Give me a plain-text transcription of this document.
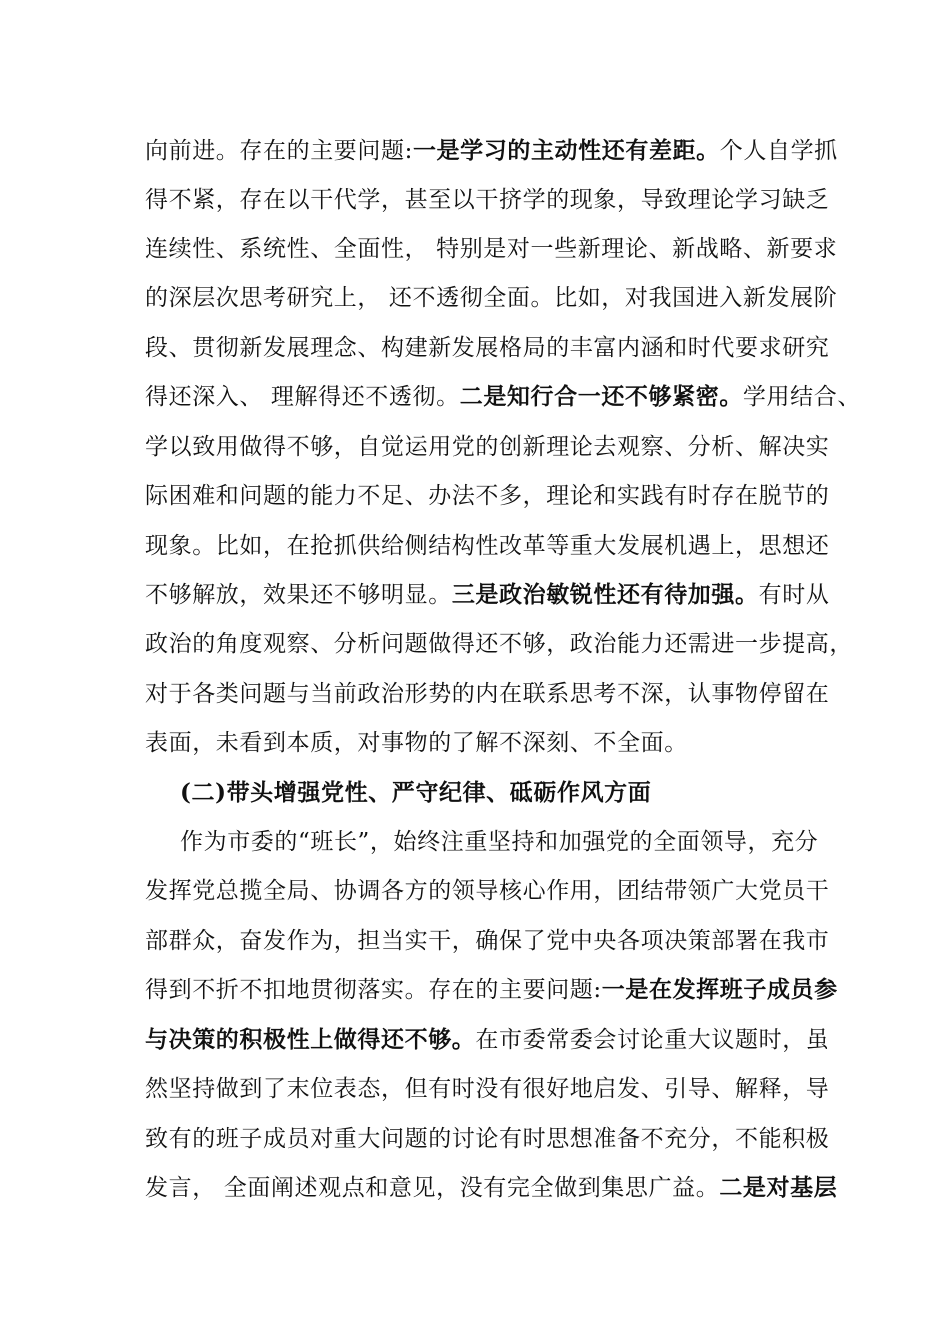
向前进。存在的主要问题:一是学习的主动性还有差距。个人自学抓
得不紧，存在以干代学，甚至以干挤学的现象，导致理论学习缺乏
连续性、系统性、全面性， 特别是对一些新理论、新战略、新要求
的深层次思考研究上， 还不透彻全面。比如，对我国进入新发展阶
段、贯彻新发展理念、构建新发展格局的丰富内涵和时代要求研究
得还深入、 理解得还不透彻。二是知行合一还不够紧密。学用结合、
学以致用做得不够，自觉运用党的创新理论去观察、分析、解决实
际困难和问题的能力不足、办法不多，理论和实践有时存在脱节的
现象。比如，在抢抓供给侧结构性改革等重大发展机遇上，思想还
不够解放，效果还不够明显。三是政治敏锐性还有待加强。有时从
政治的角度观察、分析问题做得还不够，政治能力还需进一步提高，
对于各类问题与当前政治形势的内在联系思考不深，认事物停留在
表面，未看到本质，对事物的了解不深刻、不全面。
(二)带头增强党性、严守纪律、砥砺作风方面
作为市委的“班长”，始终注重坚持和加强党的全面领导，充分
发挥党总揽全局、协调各方的领导核心作用，团结带领广大党员干
部群众，奋发作为，担当实干，确保了党中央各项决策部署在我市
得到不折不扣地贯彻落实。存在的主要问题:一是在发挥班子成员参
与决策的积极性上做得还不够。在市委常委会讨论重大议题时，虽
然坚持做到了末位表态，但有时没有很好地启发、引导、解释，导
致有的班子成员对重大问题的讨论有时思想准备不充分，不能积极
发言， 全面阐述观点和意见，没有完全做到集思广益。二是对基层
